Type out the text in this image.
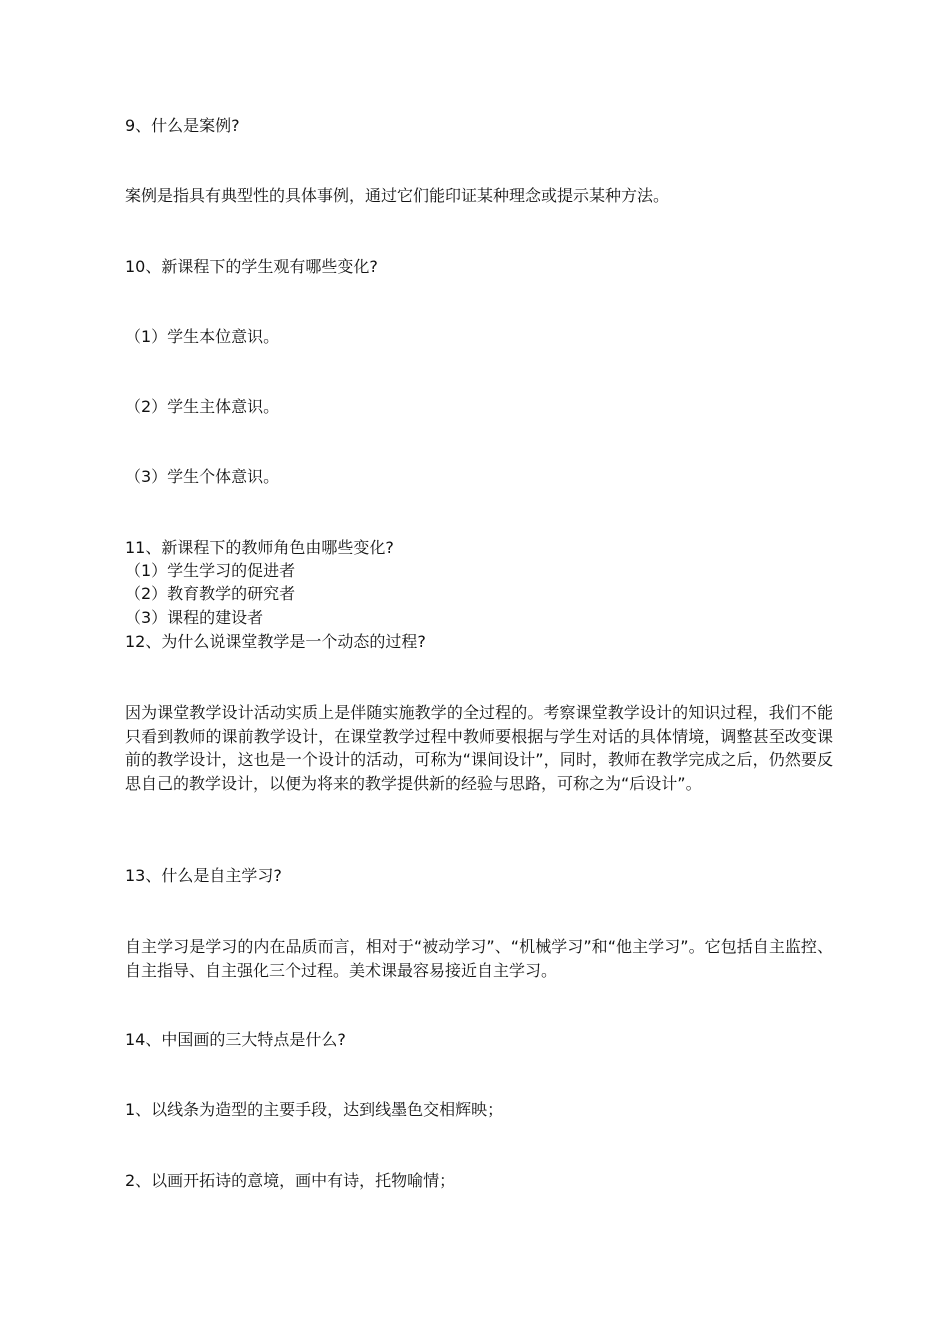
9、什么是案例?
案例是指具有典型性的具体事例，通过它们能印证某种理念或提示某种方法。
10、新课程下的学生观有哪些变化?
（1）学生本位意识。
（2）学生主体意识。
（3）学生个体意识。
11、新课程下的教师角色由哪些变化?
（1）学生学习的促进者
（2）教育教学的研究者
（3）课程的建设者
12、为什么说课堂教学是一个动态的过程?

因为课堂教学设计活动实质上是伴随实施教学的全过程的。考察课堂教学设计的知识过程，我们不能只看到教师的课前教学设计，在课堂教学过程中教师要根据与学生对话的具体情境，调整甚至改变课前的教学设计，这也是一个设计的活动，可称为“课间设计”，同时，教师在教学完成之后，仍然要反思自己的教学设计，以便为将来的教学提供新的经验与思路，可称之为“后设计”。

13、什么是自主学习?

自主学习是学习的内在品质而言，相对于“被动学习”、“机械学习”和“他主学习”。它包括自主监控、自主指导、自主强化三个过程。美术课最容易接近自主学习。

14、中国画的三大特点是什么?
1、以线条为造型的主要手段，达到线墨色交相辉映；
2、以画开拓诗的意境，画中有诗，托物喻情；
